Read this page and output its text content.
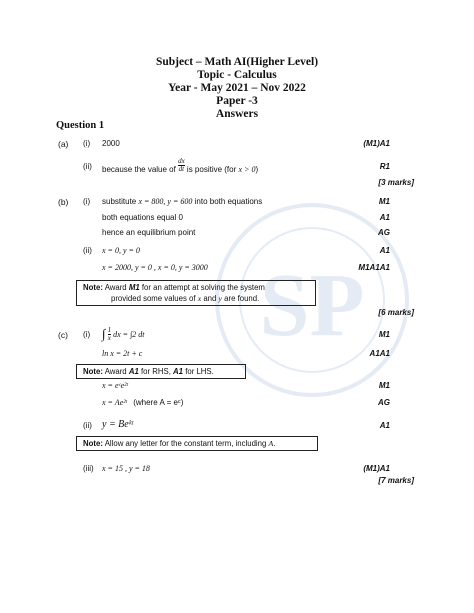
SP
Subject – Math AI(Higher Level)
Topic - Calculus
Year - May 2021 – Nov 2022
Paper -3
Answers
Question 1
(a) (i) 2000	(M1)A1
(ii) because the value of $\frac{dx}{dt}$ is positive (for x > 0)	R1
[3 marks]
(b) (i) substitute x = 800, y = 600 into both equations	M1
both equations equal 0	A1
hence an equilibrium point	AG
(ii) x = 0, y = 0	A1
x = 2000, y = 0 , x = 0, y = 3000	M1A1A1
Note: Award M1 for an attempt at solving the system
provided some values of x and y are found.
[6 marks]
(c) (i) ∫ $\frac{1}{x}$ dx = ∫2 dt	M1
ln x = 2t + c	A1A1
Note: Award A1 for RHS, A1 for LHS.
x = eᶜe²ᵗ	M1
x = Ae²ᵗ (where A = eᶜ)	AG
(ii) y = Beᵏᵗ	A1
Note: Allow any letter for the constant term, including A.
(iii) x = 15 , y = 18	(M1)A1
[7 marks]
